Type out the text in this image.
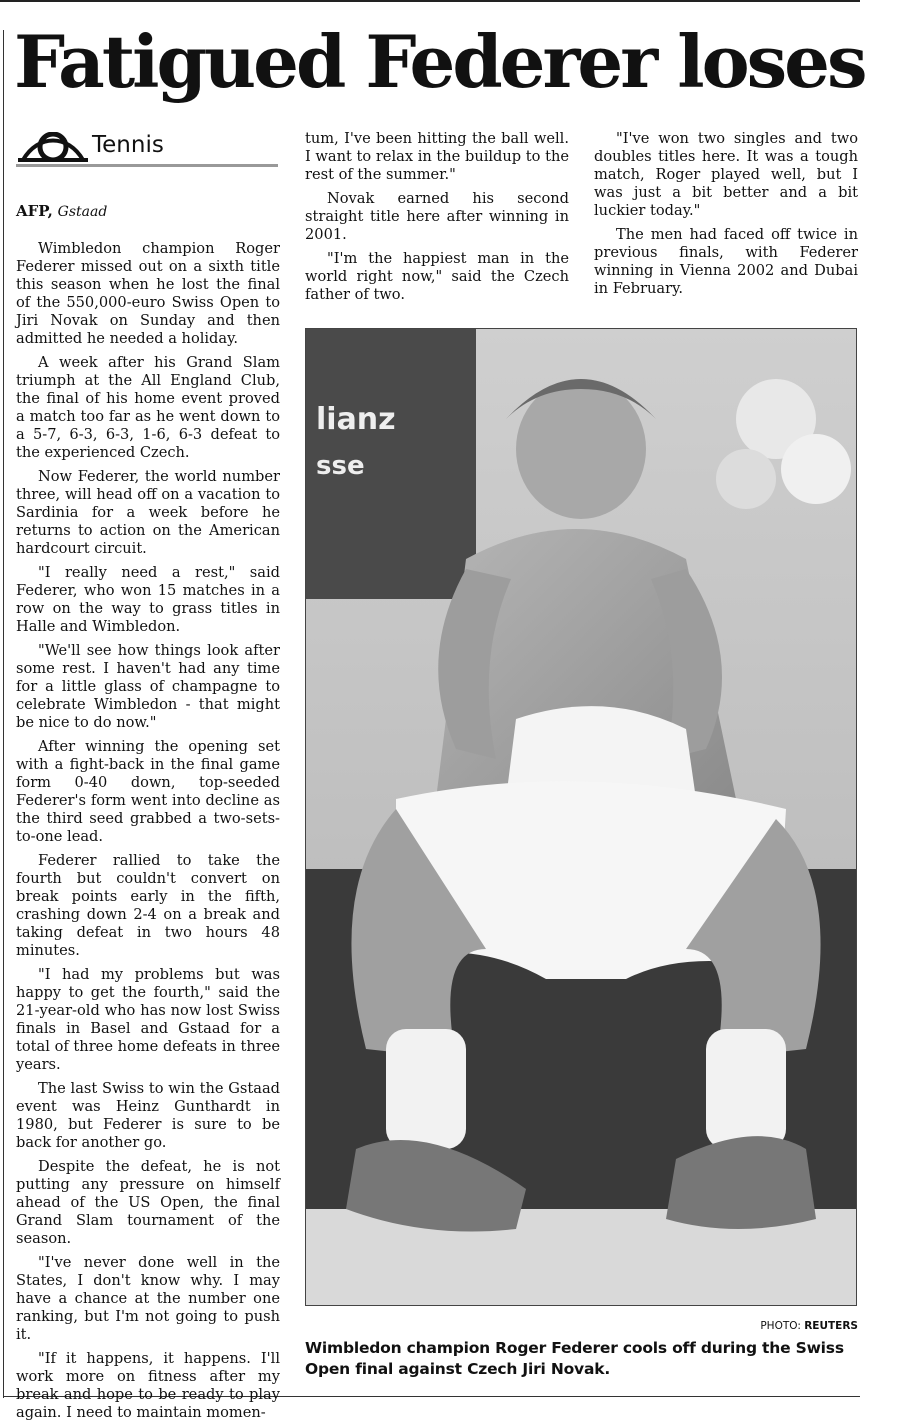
Fatigued Federer loses
Tennis
AFP, Gstaad

Wimbledon champion Roger Federer missed out on a sixth title this season when he lost the final of the 550,000-euro Swiss Open to Jiri Novak on Sunday and then admitted he needed a holiday.

A week after his Grand Slam triumph at the All England Club, the final of his home event proved a match too far as he went down to a 5-7, 6-3, 6-3, 1-6, 6-3 defeat to the experienced Czech.

Now Federer, the world number three, will head off on a vacation to Sardinia for a week before he returns to action on the American hardcourt circuit.

"I really need a rest," said Federer, who won 15 matches in a row on the way to grass titles in Halle and Wimbledon.

"We'll see how things look after some rest. I haven't had any time for a little glass of champagne to celebrate Wimbledon - that might be nice to do now."

After winning the opening set with a fight-back in the final game form 0-40 down, top-seeded Federer's form went into decline as the third seed grabbed a two-sets-to-one lead.

Federer rallied to take the fourth but couldn't convert on break points early in the fifth, crashing down 2-4 on a break and taking defeat in two hours 48 minutes.

"I had my problems but was happy to get the fourth," said the 21-year-old who has now lost Swiss finals in Basel and Gstaad for a total of three home defeats in three years.

The last Swiss to win the Gstaad event was Heinz Gunthardt in 1980, but Federer is sure to be back for another go.

Despite the defeat, he is not putting any pressure on himself ahead of the US Open, the final Grand Slam tournament of the season.

"I've never done well in the States, I don't know why. I may have a chance at the number one ranking, but I'm not going to push it.

"If it happens, it happens. I'll work more on fitness after my break and hope to be ready to play again. I need to maintain momen-

tum, I've been hitting the ball well. I want to relax in the buildup to the rest of the summer."

Novak earned his second straight title here after winning in 2001.

"I'm the happiest man in the world right now," said the Czech father of two.

"I've won two singles and two doubles titles here. It was a tough match, Roger played well, but I was just a bit better and a bit luckier today."

The men had faced off twice in previous finals, with Federer winning in Vienna 2002 and Dubai in February.

lianz
sse
PHOTO: REUTERS

Wimbledon champion Roger Federer cools off during the Swiss Open final against Czech Jiri Novak.
